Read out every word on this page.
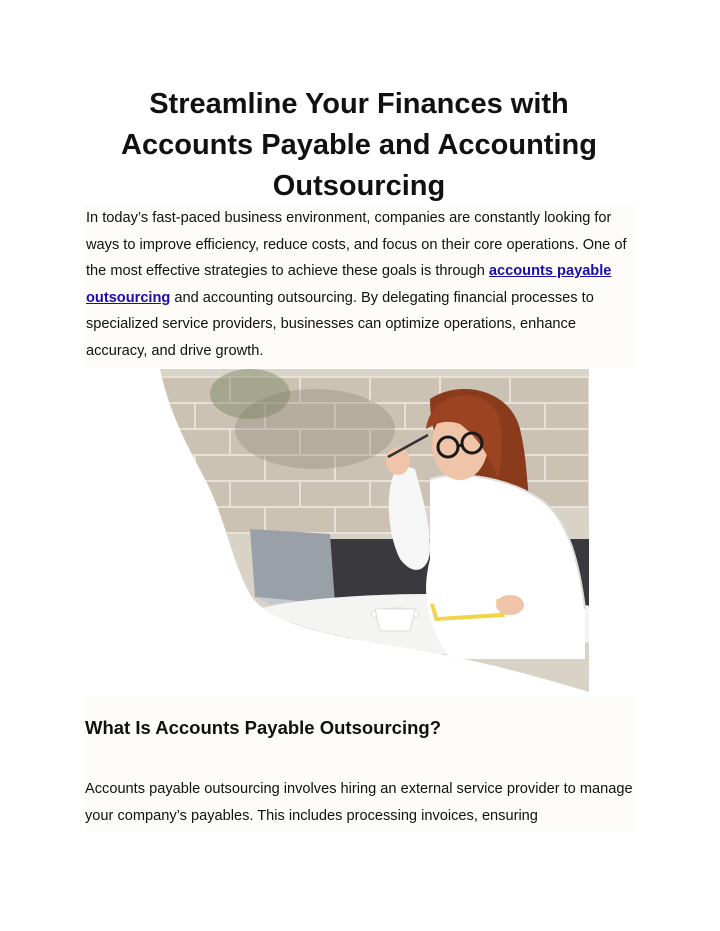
Streamline Your Finances with
Accounts Payable and Accounting
Outsourcing

In today’s fast-paced business environment, companies are constantly looking for ways to improve efficiency, reduce costs, and focus on their core operations. One of the most effective strategies to achieve these goals is through accounts payable outsourcing and accounting outsourcing. By delegating financial processes to specialized service providers, businesses can optimize operations, enhance accuracy, and drive growth.

What Is Accounts Payable Outsourcing?

Accounts payable outsourcing involves hiring an external service provider to manage your company’s payables. This includes processing invoices, ensuring
